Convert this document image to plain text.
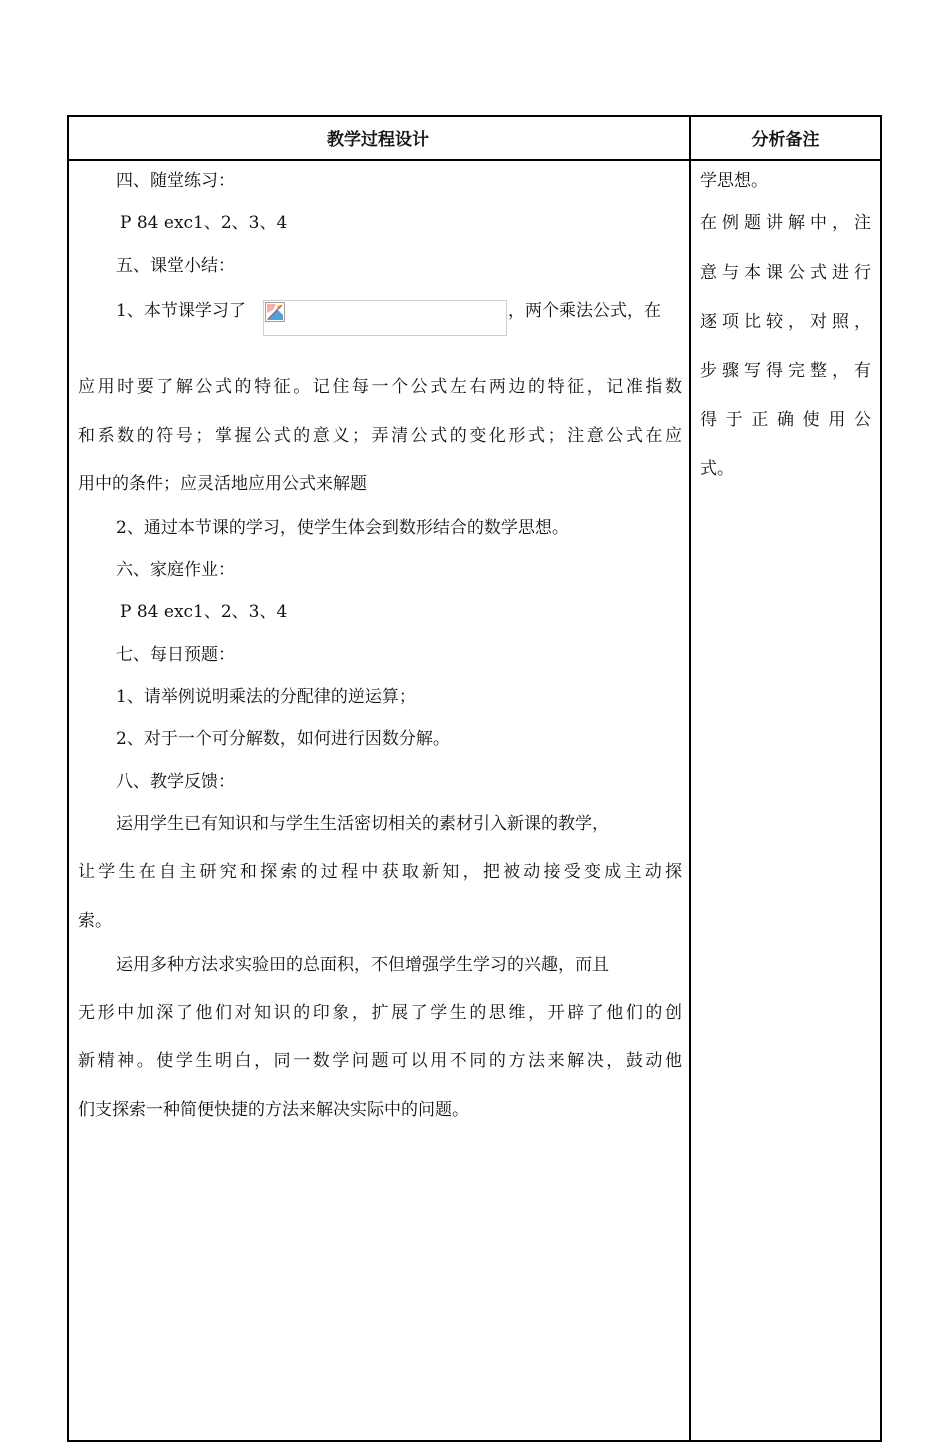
教学过程设计	分析备注
四、随堂练习：
P 84 exc1、2、3、4
五、课堂小结：
1、本节课学习了	，两个乘法公式，在
应用时要了解公式的特征。记住每一个公式左右两边的特征，记准指数
和系数的符号；掌握公式的意义；弄清公式的变化形式；注意公式在应
用中的条件；应灵活地应用公式来解题
2、通过本节课的学习，使学生体会到数形结合的数学思想。
六、家庭作业：
P 84 exc1、2、3、4
七、每日预题：
1、请举例说明乘法的分配律的逆运算；
2、对于一个可分解数，如何进行因数分解。
八、教学反馈：
运用学生已有知识和与学生生活密切相关的素材引入新课的教学，
让学生在自主研究和探索的过程中获取新知，把被动接受变成主动探
索。
运用多种方法求实验田的总面积，不但增强学生学习的兴趣，而且
无形中加深了他们对知识的印象，扩展了学生的思维，开辟了他们的创
新精神。使学生明白，同一数学问题可以用不同的方法来解决，鼓动他
们支探索一种简便快捷的方法来解决实际中的问题。
学思想。
在例题讲解中，注
意与本课公式进行
逐项比较，对照，
步骤写得完整，有
得于正确使用公
式。
